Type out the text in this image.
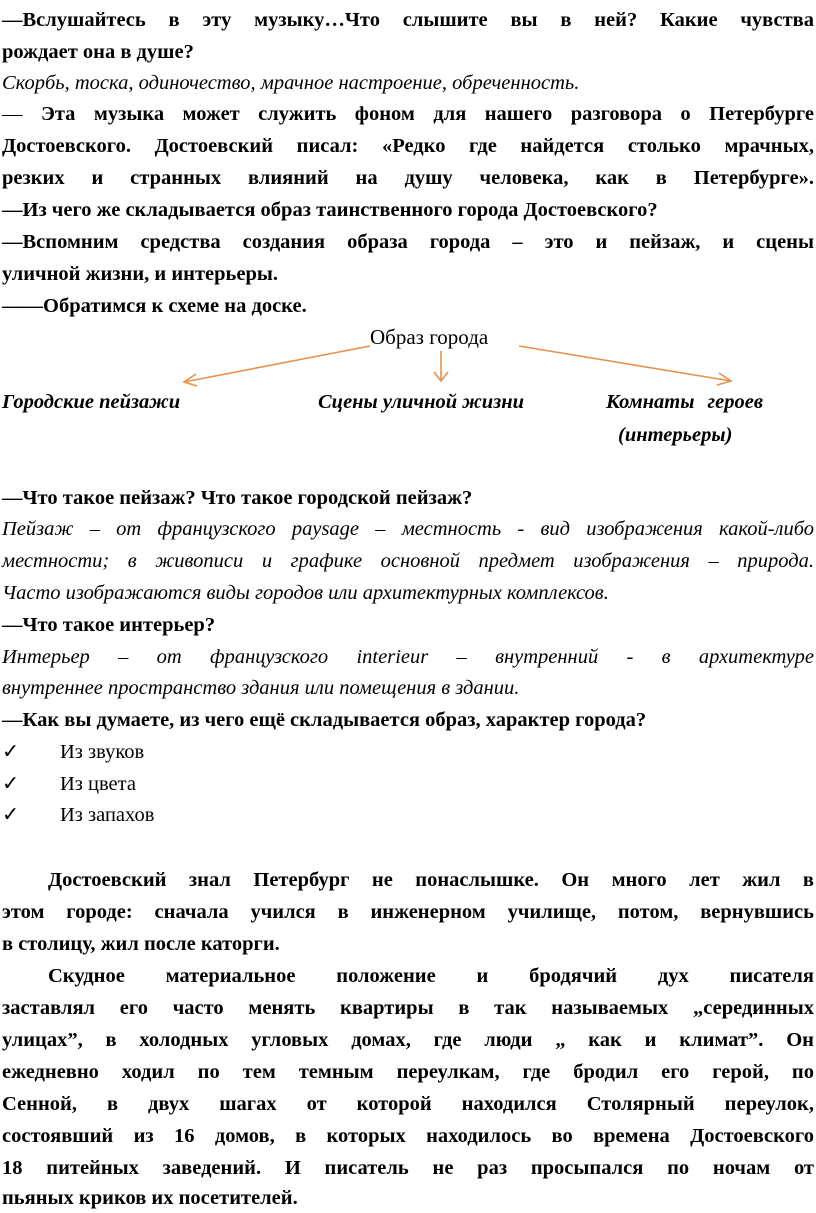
—Вслушайтесь в эту музыку…Что слышите вы в ней? Какие чувства
рождает она в душе?
Скорбь, тоска, одиночество, мрачное настроение, обреченность.
— Эта музыка может служить фоном для нашего разговора о Петербурге
Достоевского. Достоевский писал: «Редко где найдется столько мрачных,
резких и странных влияний на душу человека, как в Петербурге».
—Из чего же складывается образ таинственного города Достоевского?
—Вспомним средства создания образа города – это и пейзаж, и сцены
уличной жизни, и интерьеры.
——Обратимся к схеме на доске.
Образ города
Городские пейзажи	Сцены уличной жизни	Комнаты героев
(интерьеры)
—Что такое пейзаж? Что такое городской пейзаж?
Пейзаж – от французского paysage – местность - вид изображения какой-либо
местности; в живописи и графике основной предмет изображения – природа.
Часто изображаются виды городов или архитектурных комплексов.
—Что такое интерьер?
Интерьер – от французского interieur – внутренний - в архитектуре
внутреннее пространство здания или помещения в здании.
—Как вы думаете, из чего ещё складывается образ, характер города?
✓ Из звуков
✓ Из цвета
✓ Из запахов
Достоевский знал Петербург не понаслышке. Он много лет жил в
этом городе: сначала учился в инженерном училище, потом, вернувшись
в столицу, жил после каторги.
Скудное материальное положение и бродячий дух писателя
заставлял его часто менять квартиры в так называемых „серединных
улицах”, в холодных угловых домах, где люди „ как и климат”. Он
ежедневно ходил по тем темным переулкам, где бродил его герой, по
Сенной, в двух шагах от которой находился Столярный переулок,
состоявший из 16 домов, в которых находилось во времена Достоевского
18 питейных заведений. И писатель не раз просыпался по ночам от
пьяных криков их посетителей.
